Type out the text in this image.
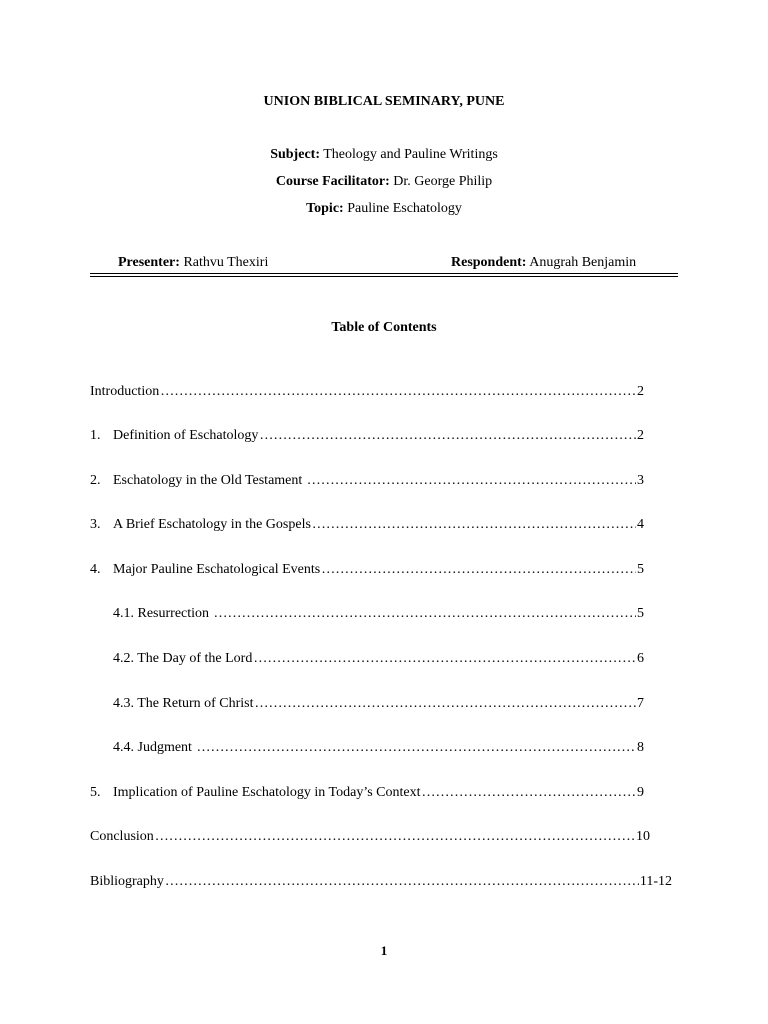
UNION BIBLICAL SEMINARY, PUNE
Subject: Theology and Pauline Writings
Course Facilitator: Dr. George Philip
Topic: Pauline Eschatology
Presenter: Rathvu Thexiri	Respondent: Anugrah Benjamin
Table of Contents
Introduction ……………………………………………………………………………………………………………………………………………………………………………………………	2
1. Definition of Eschatology ……………………………………………………………………………………………………………………………………………………………………………………………	2
2. Eschatology in the Old Testament ……………………………………………………………………………………………………………………………………………………………………………………………	3
3. A Brief Eschatology in the Gospels ……………………………………………………………………………………………………………………………………………………………………………………………	4
4. Major Pauline Eschatological Events ……………………………………………………………………………………………………………………………………………………………………………………………	5
4.1. Resurrection ……………………………………………………………………………………………………………………………………………………………………………………………	5
4.2. The Day of the Lord ……………………………………………………………………………………………………………………………………………………………………………………………	6
4.3. The Return of Christ ……………………………………………………………………………………………………………………………………………………………………………………………	7
4.4. Judgment ……………………………………………………………………………………………………………………………………………………………………………………………	8
5. Implication of Pauline Eschatology in Today’s Context ……………………………………………………………………………………………………………………………………………………………………………………………	9
Conclusion ……………………………………………………………………………………………………………………………………………………………………………………………	10
Bibliography ……………………………………………………………………………………………………………………………………………………………………………………………	11-12
1
